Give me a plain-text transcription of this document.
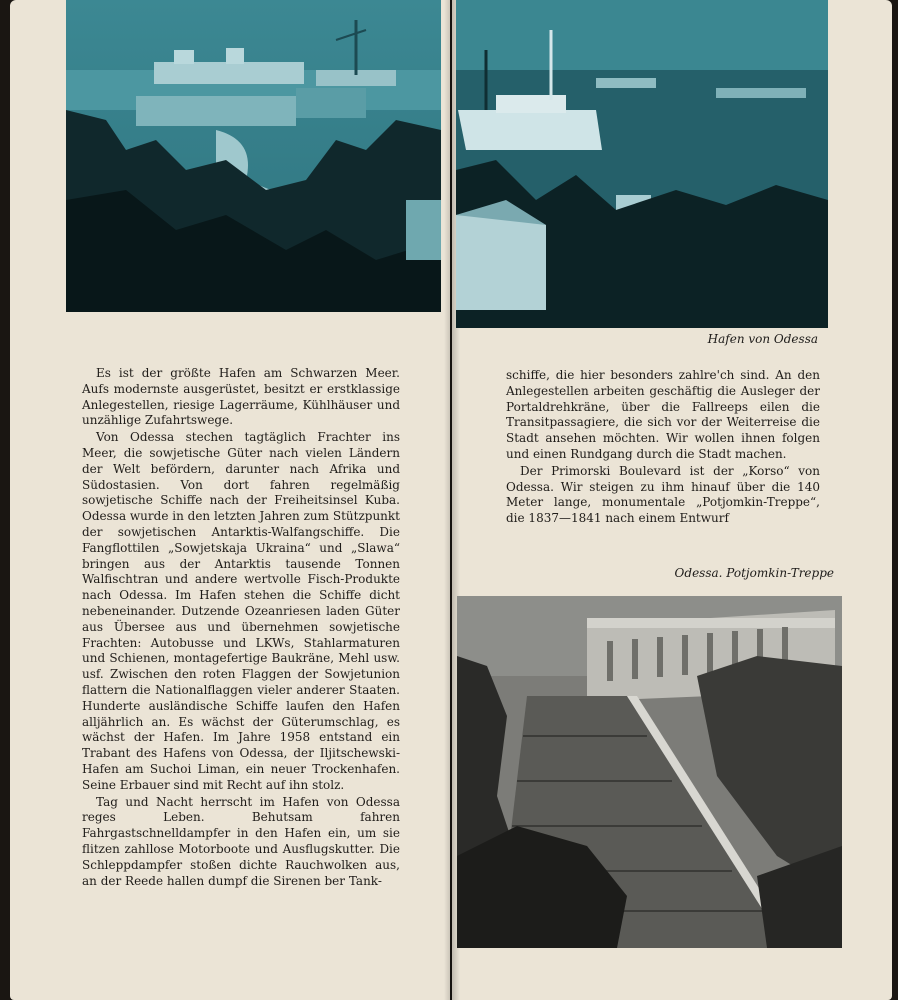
Hafen von Odessa
Odessa. Potjomkin-Treppe

Es ist der größte Hafen am Schwarzen Meer. Aufs modernste ausgerüstet, besitzt er erstklassige Anlegestellen, riesige Lagerräume, Kühlhäuser und unzählige Zufahrtswege.

Von Odessa stechen tagtäglich Frachter ins Meer, die sowjetische Güter nach vielen Ländern der Welt befördern, darunter nach Afrika und Südostasien. Von dort fahren regelmäßig sowjetische Schiffe nach der Freiheitsinsel Kuba. Odessa wurde in den letzten Jahren zum Stützpunkt der sowjetischen Antarktis-Walfangschiffe. Die Fangflottilen „Sowjetskaja Ukraina“ und „Slawa“ bringen aus der Antarktis tausende Tonnen Walfischtran und andere wertvolle Fisch-Produkte nach Odessa. Im Hafen stehen die Schiffe dicht nebeneinander. Dutzende Ozeanriesen laden Güter aus Übersee aus und übernehmen sowjetische Frachten: Autobusse und LKWs, Stahlarmaturen und Schienen, montagefertige Baukräne, Mehl usw. usf. Zwischen den roten Flaggen der Sowjetunion flattern die Nationalflaggen vieler anderer Staaten. Hunderte ausländische Schiffe laufen den Hafen alljährlich an. Es wächst der Güterumschlag, es wächst der Hafen. Im Jahre 1958 entstand ein Trabant des Hafens von Odessa, der Iljitschewski-Hafen am Suchoi Liman, ein neuer Trockenhafen. Seine Erbauer sind mit Recht auf ihn stolz.

Tag und Nacht herrscht im Hafen von Odessa reges Leben. Behutsam fahren Fahrgastschnelldampfer in den Hafen ein, um sie flitzen zahllose Motorboote und Ausflugskutter. Die Schleppdampfer stoßen dichte Rauchwolken aus, an der Reede hallen dumpf die Sirenen ber Tank-

schiffe, die hier besonders zahlre'ch sind. An den Anlegestellen arbeiten geschäftig die Ausleger der Portaldrehkräne, über die Fallreeps eilen die Transitpassagiere, die sich vor der Weiterreise die Stadt ansehen möchten. Wir wollen ihnen folgen und einen Rundgang durch die Stadt machen.

Der Primorski Boulevard ist der „Korso“ von Odessa. Wir steigen zu ihm hinauf über die 140 Meter lange, monumentale „Potjomkin-Treppe“, die 1837—1841 nach einem Entwurf
